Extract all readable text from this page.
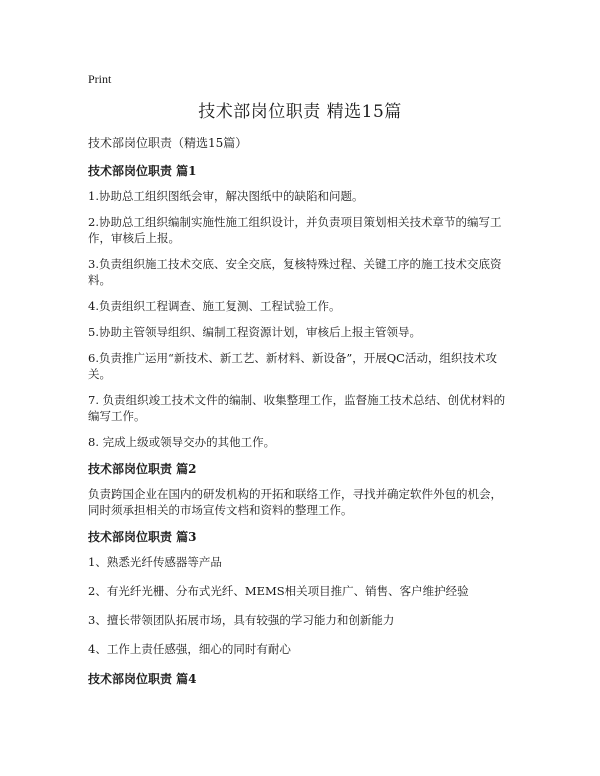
Print
技术部岗位职责 精选15篇
技术部岗位职责（精选15篇）
技术部岗位职责 篇1
1.协助总工组织图纸会审，解决图纸中的缺陷和问题。
2.协助总工组织编制实施性施工组织设计，并负责项目策划相关技术章节的编写工作，审核后上报。
3.负责组织施工技术交底、安全交底，复核特殊过程、关键工序的施工技术交底资料。
4.负责组织工程调查、施工复测、工程试验工作。
5.协助主管领导组织、编制工程资源计划，审核后上报主管领导。
6.负责推广运用“新技术、新工艺、新材料、新设备”，开展QC活动，组织技术攻关。
7. 负责组织竣工技术文件的编制、收集整理工作，监督施工技术总结、创优材料的编写工作。
8. 完成上级或领导交办的其他工作。
技术部岗位职责 篇2
负责跨国企业在国内的研发机构的开拓和联络工作，寻找并确定软件外包的机会，同时须承担相关的市场宣传文档和资料的整理工作。
技术部岗位职责 篇3
1、熟悉光纤传感器等产品
2、有光纤光栅、分布式光纤、MEMS相关项目推广、销售、客户维护经验
3、擅长带领团队拓展市场，具有较强的学习能力和创新能力
4、工作上责任感强，细心的同时有耐心
技术部岗位职责 篇4
